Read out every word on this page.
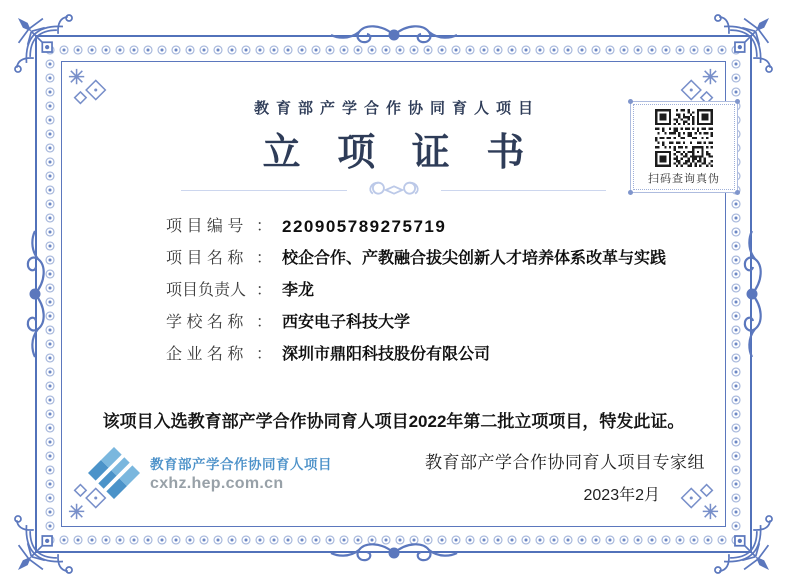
教育部产学合作协同育人项目
立 项 证 书
扫码查询真伪
项 目 编 号 ： 220905789275719
项 目 名 称 ： 校企合作、产教融合拔尖创新人才培养体系改革与实践
项目负责人 ： 李龙
学 校 名 称 ： 西安电子科技大学
企 业 名 称 ： 深圳市鼎阳科技股份有限公司
该项目入选教育部产学合作协同育人项目2022年第二批立项项目，特发此证。
教育部产学合作协同育人项目
cxhz.hep.com.cn
教育部产学合作协同育人项目专家组
2023年2月
